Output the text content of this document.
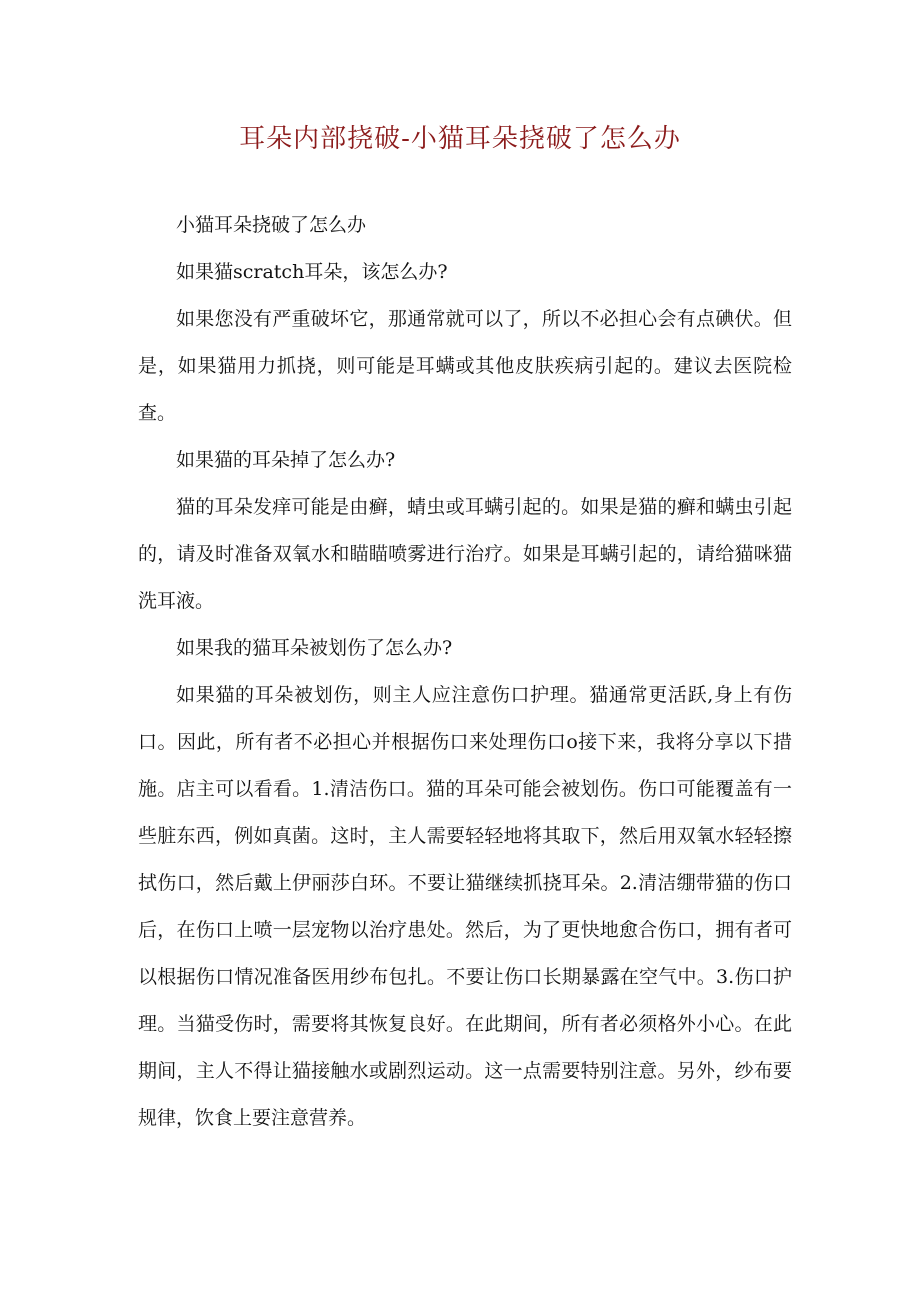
耳朵内部挠破-小猫耳朵挠破了怎么办

小猫耳朵挠破了怎么办

如果猫scratch耳朵，该怎么办?

如果您没有严重破坏它，那通常就可以了，所以不必担心会有点碘伏。但是，如果猫用力抓挠，则可能是耳螨或其他皮肤疾病引起的。建议去医院检查。

如果猫的耳朵掉了怎么办?

猫的耳朵发痒可能是由癣，蜻虫或耳螨引起的。如果是猫的癣和螨虫引起的，请及时准备双氧水和瞄瞄喷雾进行治疗。如果是耳螨引起的，请给猫咪猫洗耳液。

如果我的猫耳朵被划伤了怎么办?

如果猫的耳朵被划伤，则主人应注意伤口护理。猫通常更活跃,身上有伤口。因此，所有者不必担心并根据伤口来处理伤口o接下来，我将分享以下措施。店主可以看看。1.清洁伤口。猫的耳朵可能会被划伤。伤口可能覆盖有一些脏东西，例如真菌。这时，主人需要轻轻地将其取下，然后用双氧水轻轻擦拭伤口，然后戴上伊丽莎白环。不要让猫继续抓挠耳朵。2.清洁绷带猫的伤口后，在伤口上喷一层宠物以治疗患处。然后，为了更快地愈合伤口，拥有者可以根据伤口情况准备医用纱布包扎。不要让伤口长期暴露在空气中。3.伤口护理。当猫受伤时，需要将其恢复良好。在此期间，所有者必须格外小心。在此期间，主人不得让猫接触水或剧烈运动。这一点需要特别注意。另外，纱布要规律，饮食上要注意营养。
